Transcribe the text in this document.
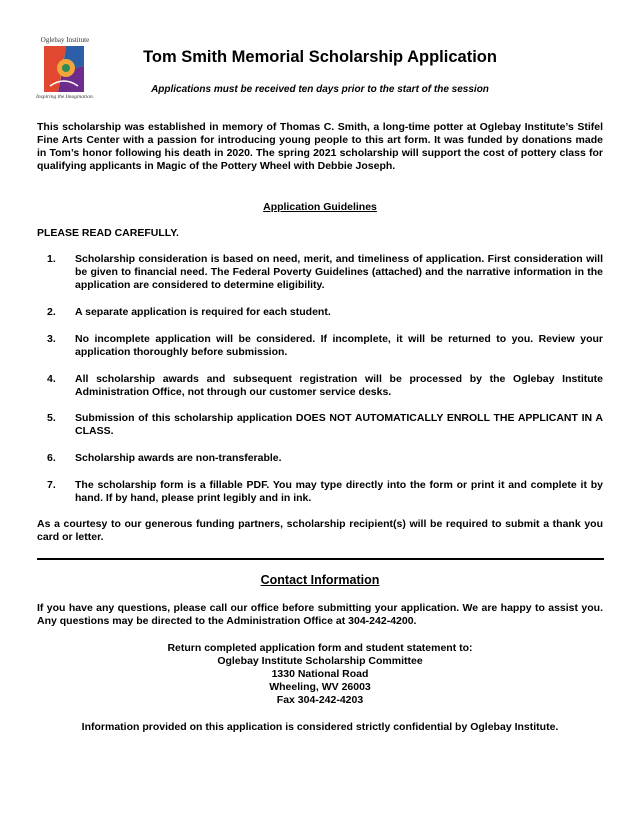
Oglebay Institute
Inspiring the Imagination.
Tom Smith Memorial Scholarship Application

Applications must be received ten days prior to the start of the session

This scholarship was established in memory of Thomas C. Smith, a long-time potter at Oglebay Institute’s Stifel Fine Arts Center with a passion for introducing young people to this art form. It was funded by donations made in Tom’s honor following his death in 2020. The spring 2021 scholarship will support the cost of pottery class for qualifying applicants in Magic of the Pottery Wheel with Debbie Joseph.

Application Guidelines

PLEASE READ CAREFULLY.

1. Scholarship consideration is based on need, merit, and timeliness of application. First consideration will be given to financial need. The Federal Poverty Guidelines (attached) and the narrative information in the application are considered to determine eligibility.
2. A separate application is required for each student.
3. No incomplete application will be considered. If incomplete, it will be returned to you. Review your application thoroughly before submission.
4. All scholarship awards and subsequent registration will be processed by the Oglebay Institute Administration Office, not through our customer service desks.
5. Submission of this scholarship application DOES NOT AUTOMATICALLY ENROLL THE APPLICANT IN A CLASS.
6. Scholarship awards are non-transferable.
7. The scholarship form is a fillable PDF. You may type directly into the form or print it and complete it by hand. If by hand, please print legibly and in ink.

As a courtesy to our generous funding partners, scholarship recipient(s) will be required to submit a thank you card or letter.

Contact Information

If you have any questions, please call our office before submitting your application. We are happy to assist you. Any questions may be directed to the Administration Office at 304-242-4200.

Return completed application form and student statement to:
Oglebay Institute Scholarship Committee
1330 National Road
Wheeling, WV 26003
Fax 304-242-4203

Information provided on this application is considered strictly confidential by Oglebay Institute.
